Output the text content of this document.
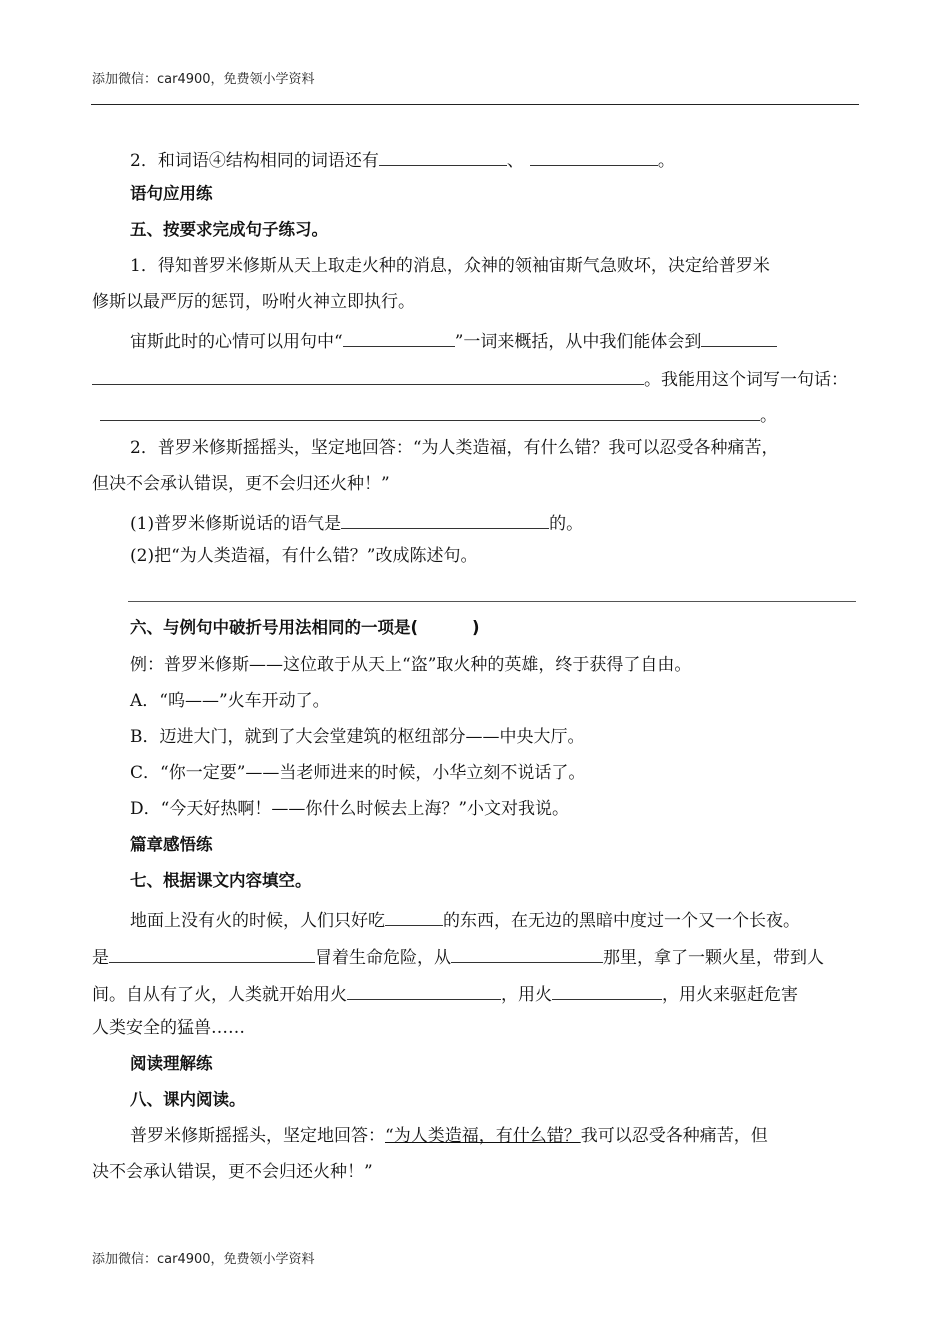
添加微信：car4900，免费领小学资料
2．和词语④结构相同的词语还有	、	。
语句应用练
五、按要求完成句子练习。
1．得知普罗米修斯从天上取走火种的消息，众神的领袖宙斯气急败坏，决定给普罗米
修斯以最严厉的惩罚，吩咐火神立即执行。
宙斯此时的心情可以用句中“	”一词来概括，从中我们能体会到
。我能用这个词写一句话：
。
2．普罗米修斯摇摇头，坚定地回答：“为人类造福，有什么错？我可以忍受各种痛苦，
但决不会承认错误，更不会归还火种！”
(1)普罗米修斯说话的语气是	的。
(2)把“为人类造福，有什么错？”改成陈述句。
六、与例句中破折号用法相同的一项是(	)
例：普罗米修斯——这位敢于从天上“盗”取火种的英雄，终于获得了自由。
A．“呜——”火车开动了。
B．迈进大门，就到了大会堂建筑的枢纽部分——中央大厅。
C．“你一定要”——当老师进来的时候，小华立刻不说话了。
D．“今天好热啊！——你什么时候去上海？”小文对我说。
篇章感悟练
七、根据课文内容填空。
地面上没有火的时候，人们只好吃	的东西，在无边的黑暗中度过一个又一个长夜。
是	冒着生命危险，从	那里，拿了一颗火星，带到人
间。自从有了火，人类就开始用火	，用火	，用火来驱赶危害
人类安全的猛兽……
阅读理解练
八、课内阅读。
普罗米修斯摇摇头，坚定地回答：“为人类造福，有什么错？我可以忍受各种痛苦，但
决不会承认错误，更不会归还火种！”
添加微信：car4900，免费领小学资料
